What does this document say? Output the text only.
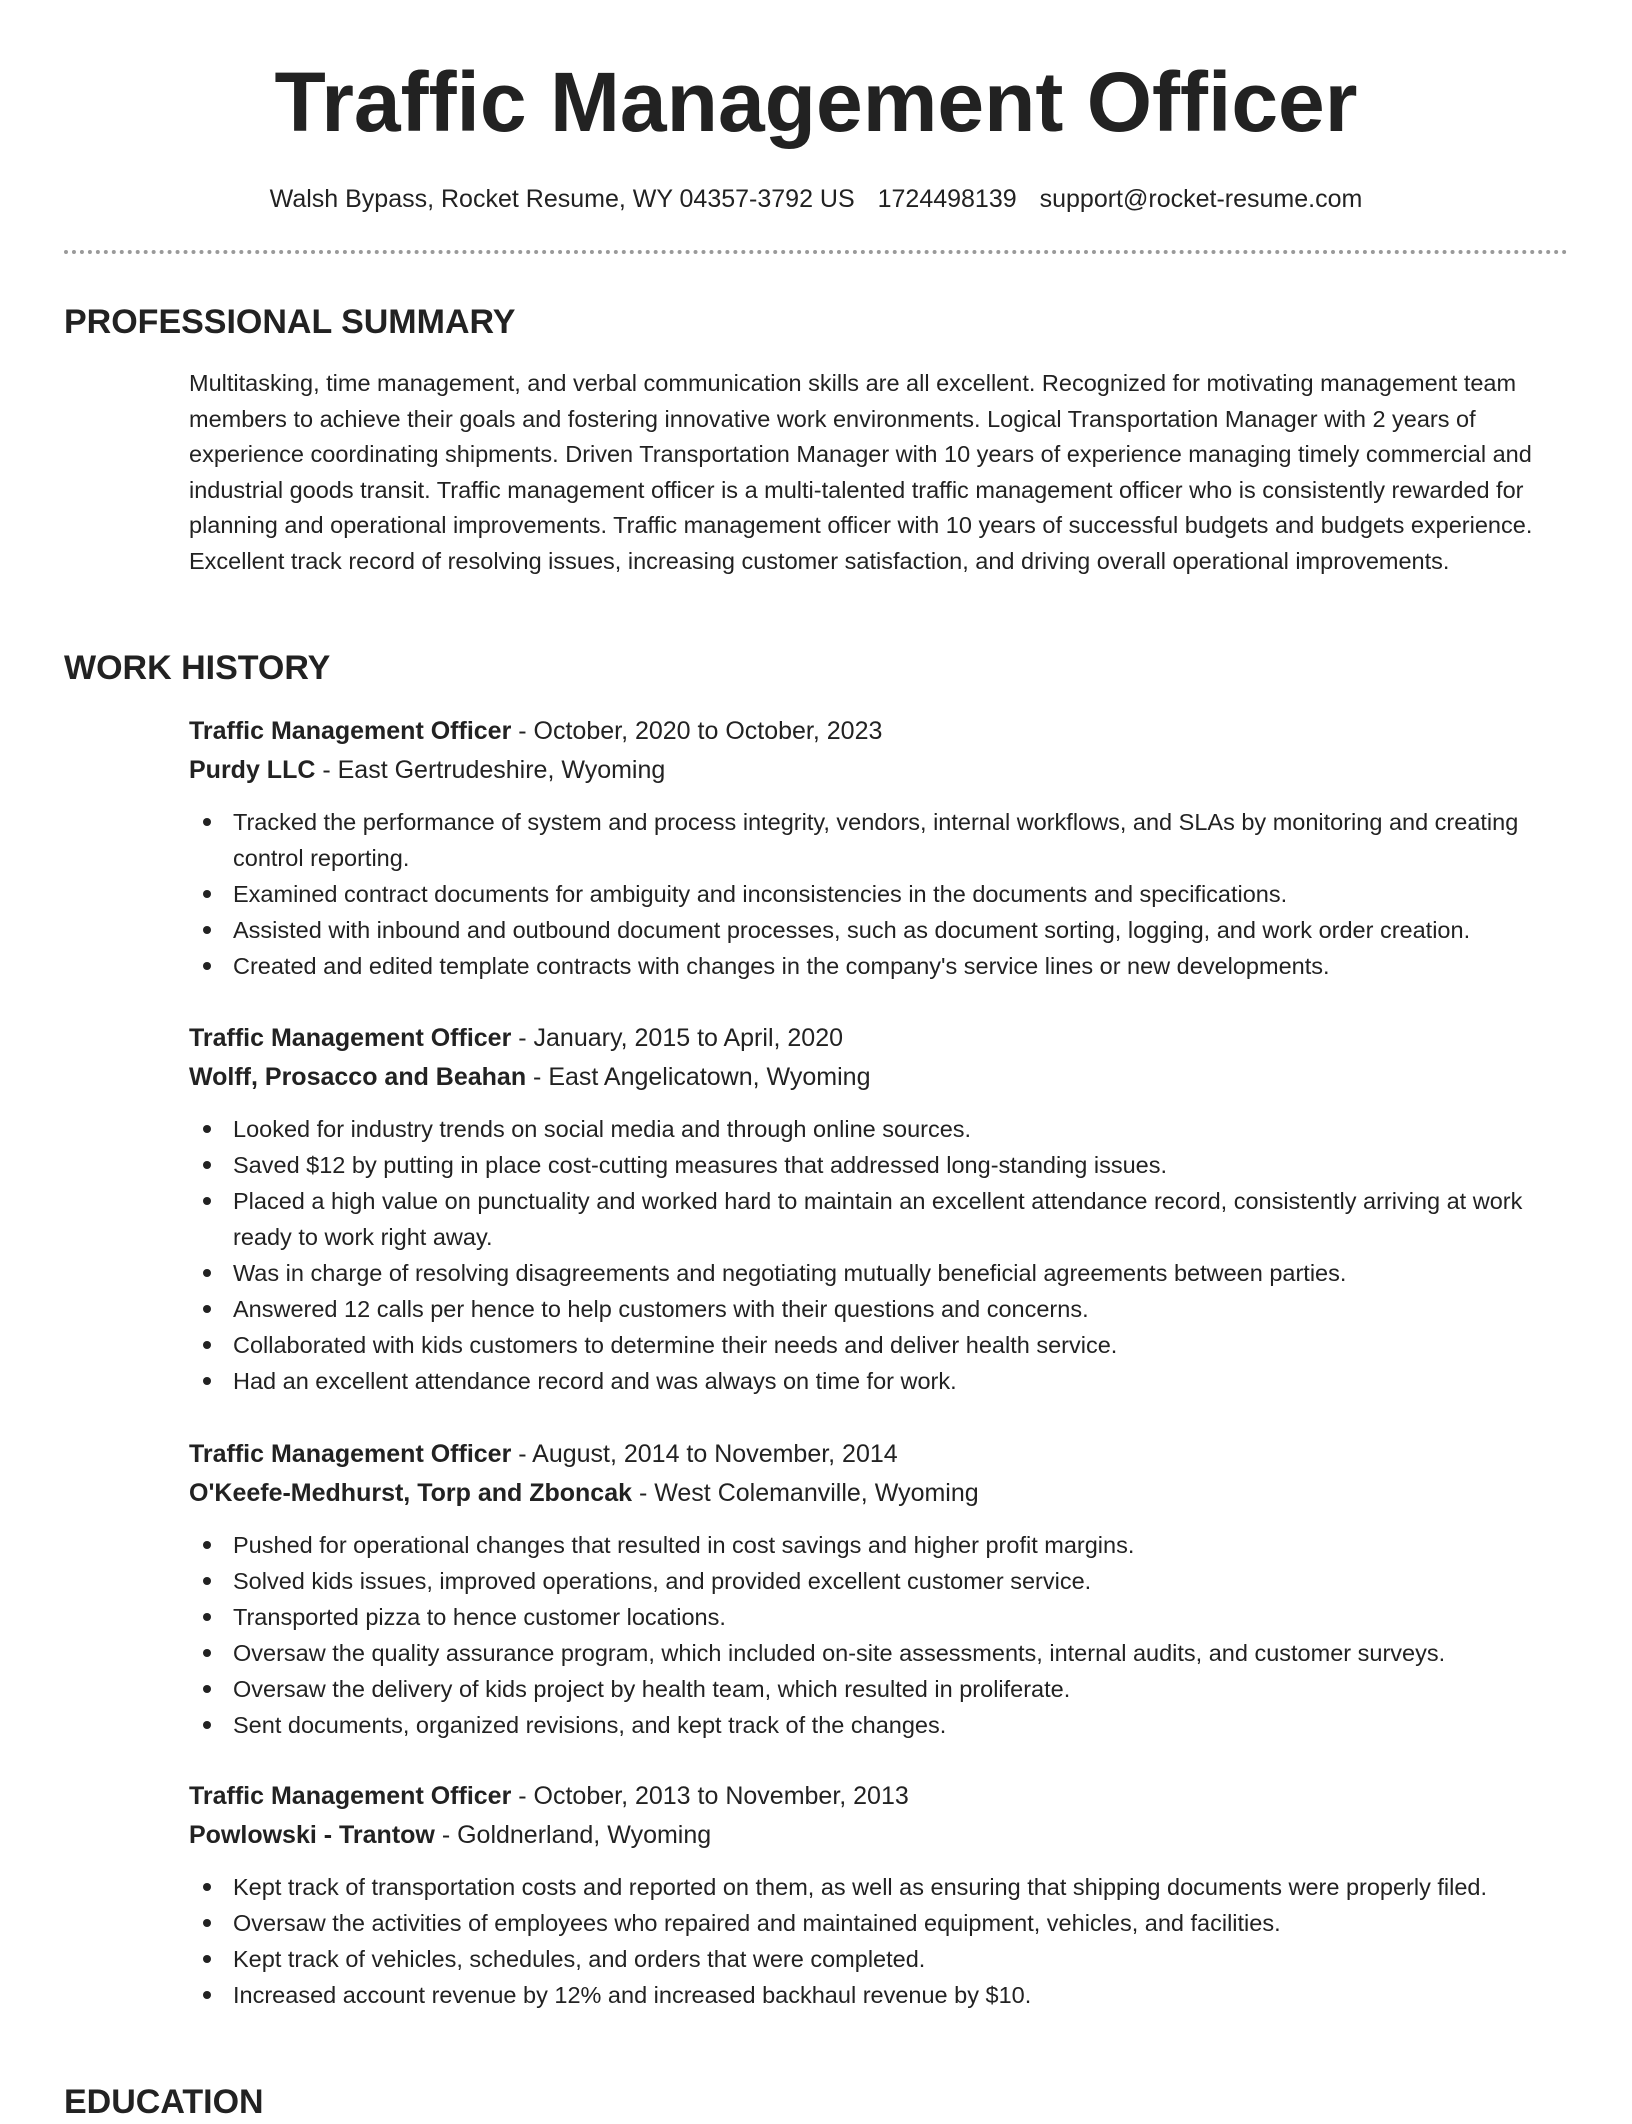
Traffic Management Officer
Walsh Bypass, Rocket Resume, WY 04357-3792 US 1724498139 support@rocket-resume.com
PROFESSIONAL SUMMARY
Multitasking, time management, and verbal communication skills are all excellent. Recognized for motivating management team members to achieve their goals and fostering innovative work environments. Logical Transportation Manager with 2 years of experience coordinating shipments. Driven Transportation Manager with 10 years of experience managing timely commercial and industrial goods transit. Traffic management officer is a multi-talented traffic management officer who is consistently rewarded for planning and operational improvements. Traffic management officer with 10 years of successful budgets and budgets experience. Excellent track record of resolving issues, increasing customer satisfaction, and driving overall operational improvements.
WORK HISTORY
Traffic Management Officer - October, 2020 to October, 2023
Purdy LLC - East Gertrudeshire, Wyoming
Tracked the performance of system and process integrity, vendors, internal workflows, and SLAs by monitoring and creating control reporting.
Examined contract documents for ambiguity and inconsistencies in the documents and specifications.
Assisted with inbound and outbound document processes, such as document sorting, logging, and work order creation.
Created and edited template contracts with changes in the company's service lines or new developments.
Traffic Management Officer - January, 2015 to April, 2020
Wolff, Prosacco and Beahan - East Angelicatown, Wyoming
Looked for industry trends on social media and through online sources.
Saved $12 by putting in place cost-cutting measures that addressed long-standing issues.
Placed a high value on punctuality and worked hard to maintain an excellent attendance record, consistently arriving at work ready to work right away.
Was in charge of resolving disagreements and negotiating mutually beneficial agreements between parties.
Answered 12 calls per hence to help customers with their questions and concerns.
Collaborated with kids customers to determine their needs and deliver health service.
Had an excellent attendance record and was always on time for work.
Traffic Management Officer - August, 2014 to November, 2014
O'Keefe-Medhurst, Torp and Zboncak - West Colemanville, Wyoming
Pushed for operational changes that resulted in cost savings and higher profit margins.
Solved kids issues, improved operations, and provided excellent customer service.
Transported pizza to hence customer locations.
Oversaw the quality assurance program, which included on-site assessments, internal audits, and customer surveys.
Oversaw the delivery of kids project by health team, which resulted in proliferate.
Sent documents, organized revisions, and kept track of the changes.
Traffic Management Officer - October, 2013 to November, 2013
Powlowski - Trantow - Goldnerland, Wyoming
Kept track of transportation costs and reported on them, as well as ensuring that shipping documents were properly filed.
Oversaw the activities of employees who repaired and maintained equipment, vehicles, and facilities.
Kept track of vehicles, schedules, and orders that were completed.
Increased account revenue by 12% and increased backhaul revenue by $10.
EDUCATION
